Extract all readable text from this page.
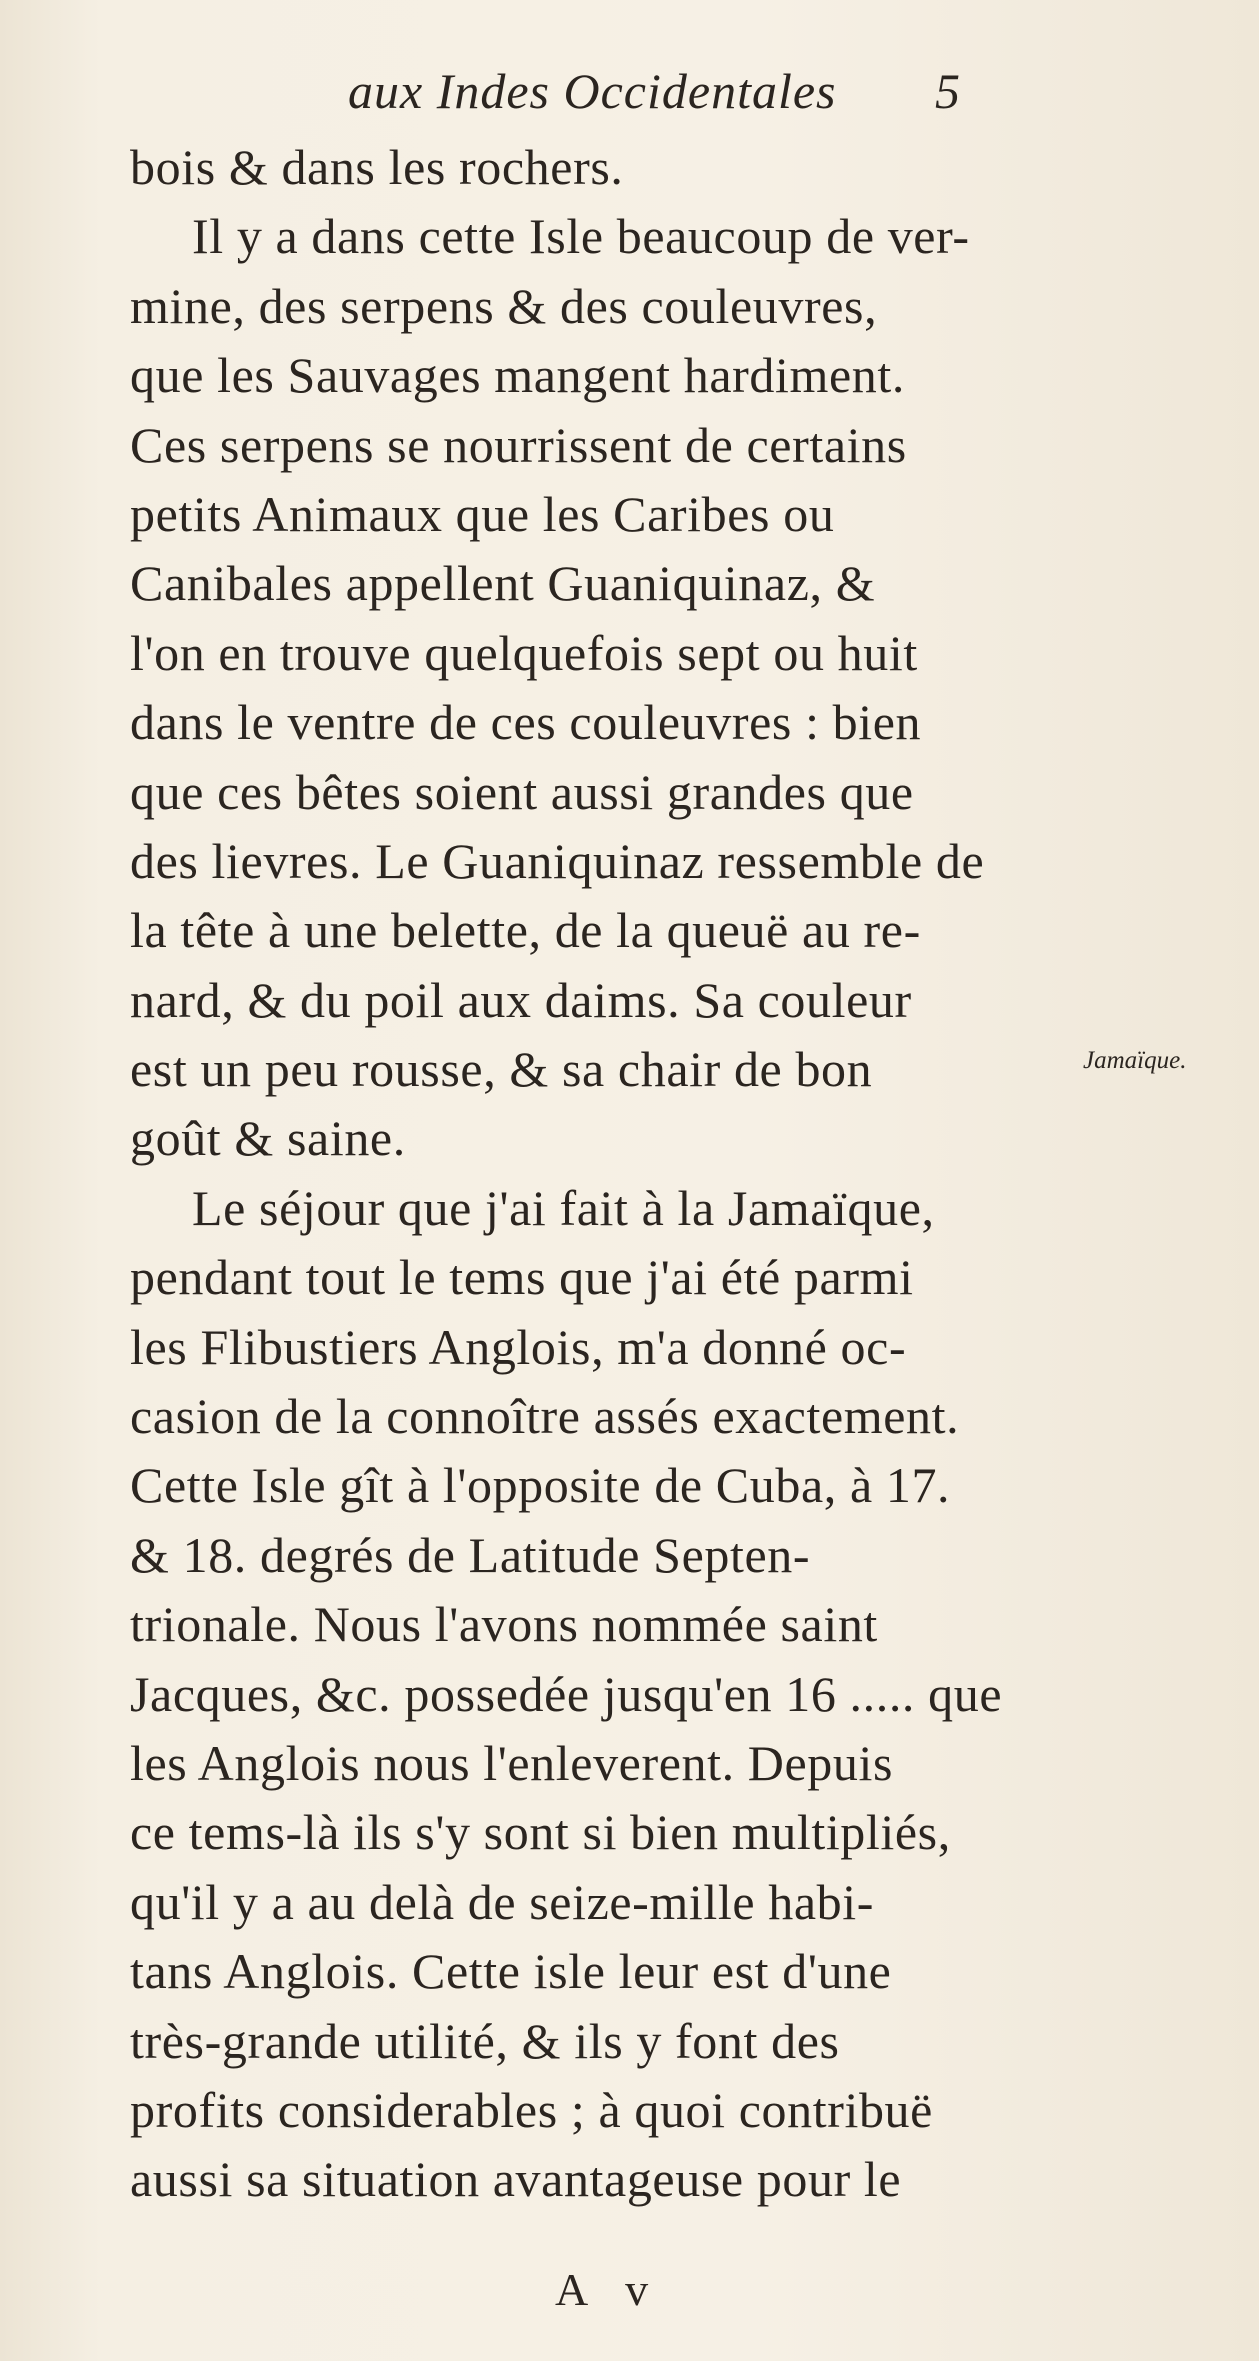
aux Indes Occidentales 5
bois & dans les rochers.
Il y a dans cette Isle beaucoup de ver-
mine, des serpens & des couleuvres,
que les Sauvages mangent hardiment.
Ces serpens se nourrissent de certains
petits Animaux que les Caribes ou
Canibales appellent Guaniquinaz, &
l'on en trouve quelquefois sept ou huit
dans le ventre de ces couleuvres : bien
que ces bêtes soient aussi grandes que
des lievres. Le Guaniquinaz ressemble de
la tête à une belette, de la queuë au re-
nard, & du poil aux daims. Sa couleur
est un peu rousse, & sa chair de bon
goût & saine.
Le séjour que j'ai fait à la Jamaïque,
pendant tout le tems que j'ai été parmi
les Flibustiers Anglois, m'a donné oc-
casion de la connoître assés exactement.
Cette Isle gît à l'opposite de Cuba, à 17.
& 18. degrés de Latitude Septen-
trionale. Nous l'avons nommée saint
Jacques, &c. possedée jusqu'en 16 ..... que
les Anglois nous l'enleverent. Depuis
ce tems-là ils s'y sont si bien multipliés,
qu'il y a au delà de seize-mille habi-
tans Anglois. Cette isle leur est d'une
très-grande utilité, & ils y font des
profits considerables ; à quoi contribuë
aussi sa situation avantageuse pour le
Jamaïque.
A v
